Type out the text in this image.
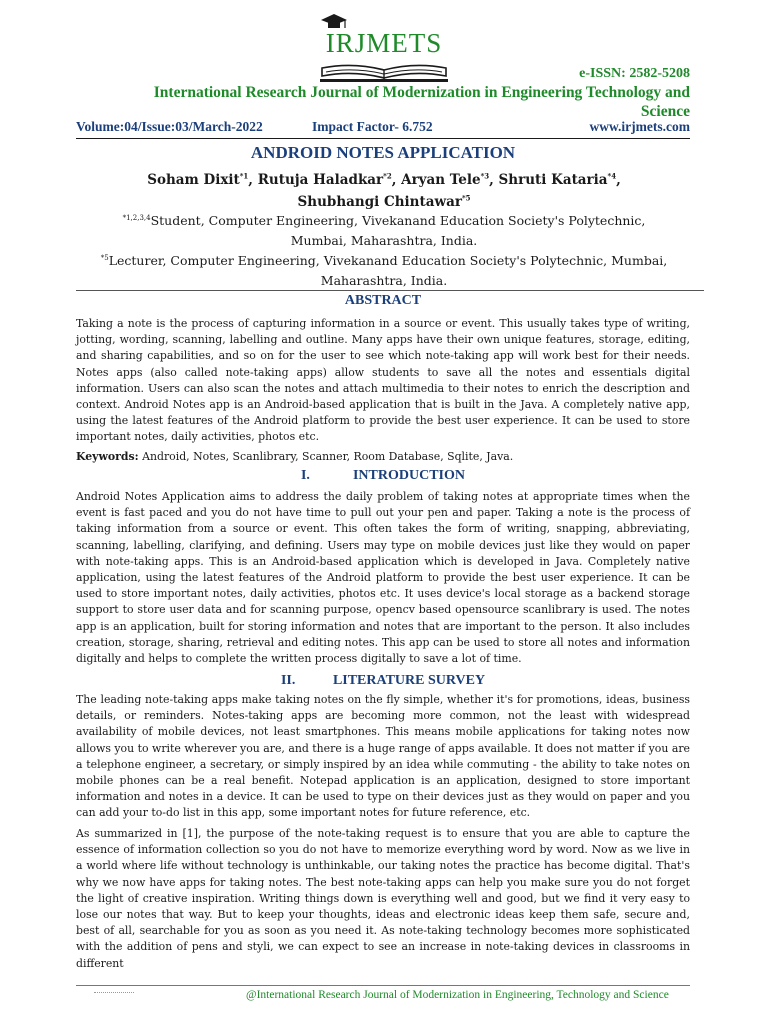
IRJMETS
e-ISSN: 2582-5208
International Research Journal of Modernization in Engineering Technology and Science
Volume:04/Issue:03/March-2022	Impact Factor- 6.752	www.irjmets.com
ANDROID NOTES APPLICATION
Soham Dixit$^{*1}$, Rutuja Haladkar$^{*2}$, Aryan Tele$^{*3}$, Shruti Kataria$^{*4}$,
Shubhangi Chintawar$^{*5}$
$^{*1,2,3,4}$Student, Computer Engineering, Vivekanand Education Society's Polytechnic, Mumbai, Maharashtra, India.
$^{*5}$Lecturer, Computer Engineering, Vivekanand Education Society's Polytechnic, Mumbai, Maharashtra, India.
ABSTRACT
Taking a note is the process of capturing information in a source or event. This usually takes type of writing, jotting, wording, scanning, labelling and outline. Many apps have their own unique features, storage, editing, and sharing capabilities, and so on for the user to see which note-taking app will work best for their needs. Notes apps (also called note-taking apps) allow students to save all the notes and essentials digital information. Users can also scan the notes and attach multimedia to their notes to enrich the description and context. Android Notes app is an Android-based application that is built in the Java. A completely native app, using the latest features of the Android platform to provide the best user experience. It can be used to store important notes, daily activities, photos etc.
Keywords: Android, Notes, Scanlibrary, Scanner, Room Database, Sqlite, Java.
I.	INTRODUCTION
Android Notes Application aims to address the daily problem of taking notes at appropriate times when the event is fast paced and you do not have time to pull out your pen and paper. Taking a note is the process of taking information from a source or event. This often takes the form of writing, snapping, abbreviating, scanning, labelling, clarifying, and defining. Users may type on mobile devices just like they would on paper with note-taking apps. This is an Android-based application which is developed in Java. Completely native application, using the latest features of the Android platform to provide the best user experience. It can be used to store important notes, daily activities, photos etc. It uses device's local storage as a backend storage support to store user data and for scanning purpose, opencv based opensource scanlibrary is used. The notes app is an application, built for storing information and notes that are important to the person. It also includes creation, storage, sharing, retrieval and editing notes. This app can be used to store all notes and information digitally and helps to complete the written process digitally to save a lot of time.
II.	LITERATURE SURVEY
The leading note-taking apps make taking notes on the fly simple, whether it's for promotions, ideas, business details, or reminders. Notes-taking apps are becoming more common, not the least with widespread availability of mobile devices, not least smartphones. This means mobile applications for taking notes now allows you to write wherever you are, and there is a huge range of apps available. It does not matter if you are a telephone engineer, a secretary, or simply inspired by an idea while commuting - the ability to take notes on mobile phones can be a real benefit. Notepad application is an application, designed to store important information and notes in a device. It can be used to type on their devices just as they would on paper and you can add your to-do list in this app, some important notes for future reference, etc.
As summarized in [1], the purpose of the note-taking request is to ensure that you are able to capture the essence of information collection so you do not have to memorize everything word by word. Now as we live in a world where life without technology is unthinkable, our taking notes the practice has become digital. That's why we now have apps for taking notes. The best note-taking apps can help you make sure you do not forget the light of creative inspiration. Writing things down is everything well and good, but we find it very easy to lose our notes that way. But to keep your thoughts, ideas and electronic ideas keep them safe, secure and, best of all, searchable for you as soon as you need it. As note-taking technology becomes more sophisticated with the addition of pens and styli, we can expect to see an increase in note-taking devices in classrooms in different
@International Research Journal of Modernization in Engineering, Technology and Science
